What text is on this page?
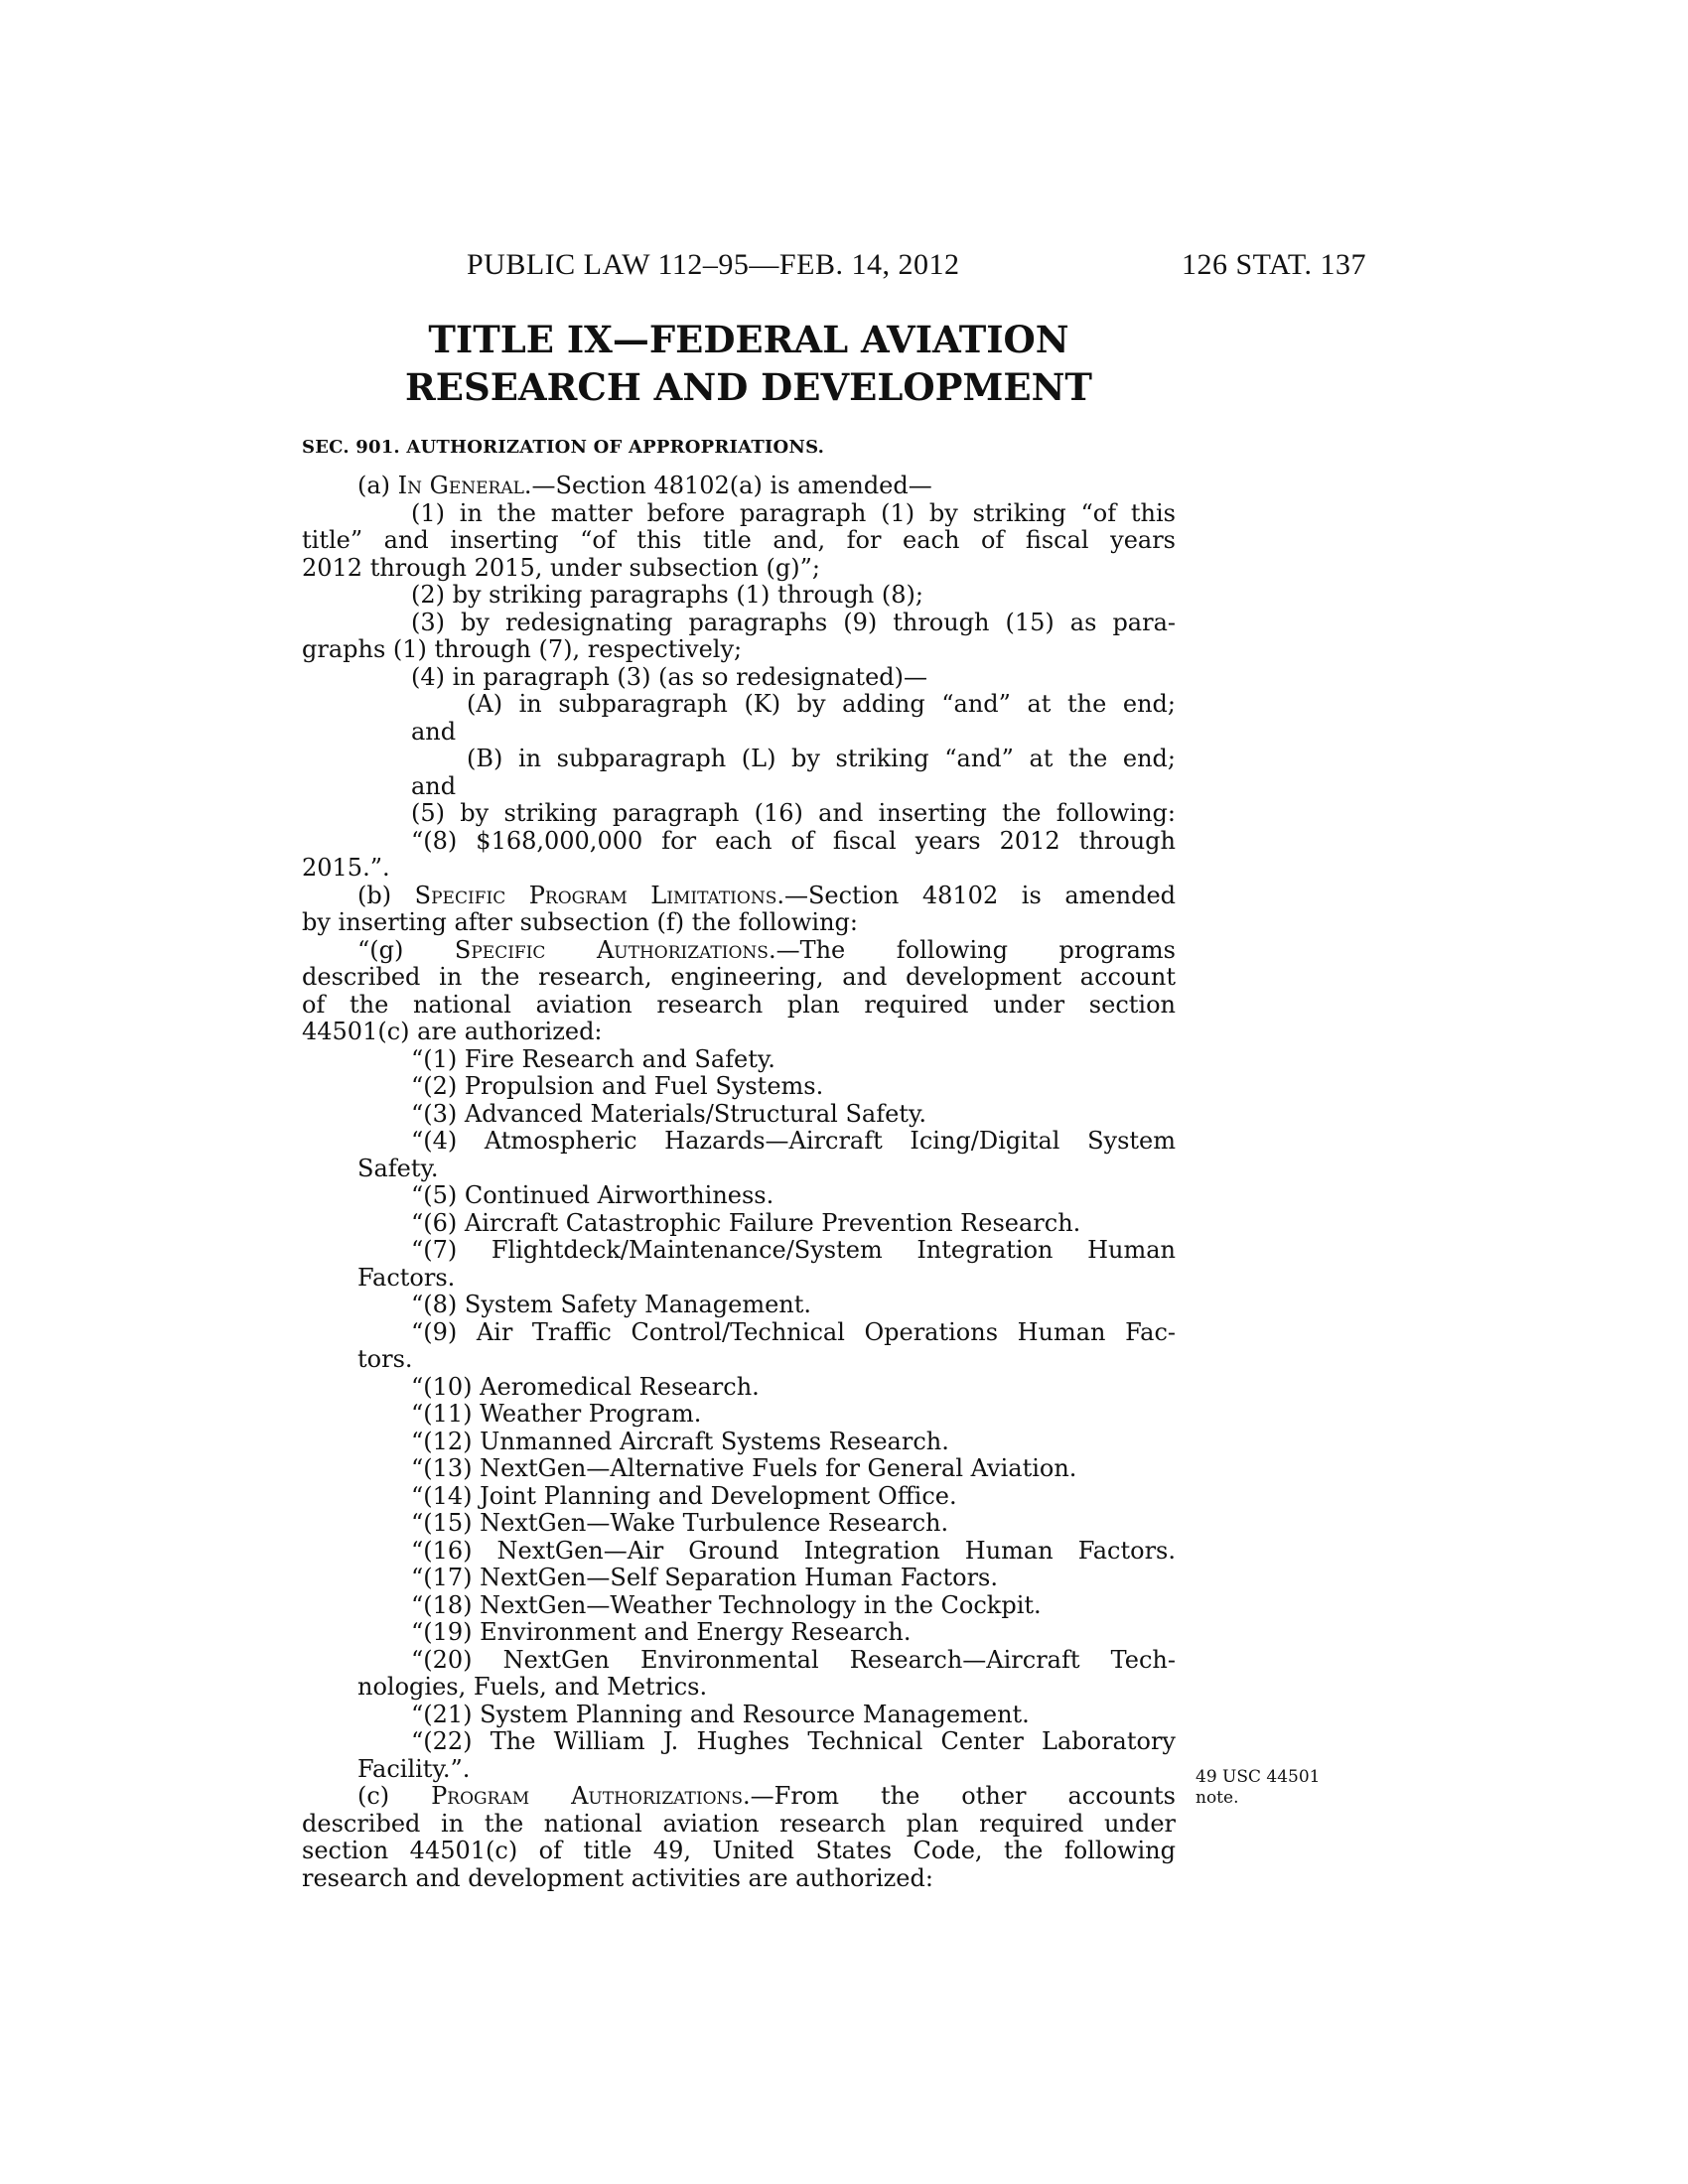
PUBLIC LAW 112–95—FEB. 14, 2012	126 STAT. 137
TITLE IX—FEDERAL AVIATION
RESEARCH AND DEVELOPMENT
SEC. 901. AUTHORIZATION OF APPROPRIATIONS.
(a) In General.—Section 48102(a) is amended—
(1) in the matter before paragraph (1) by striking “of this
title” and inserting “of this title and, for each of fiscal years
2012 through 2015, under subsection (g)”;
(2) by striking paragraphs (1) through (8);
(3) by redesignating paragraphs (9) through (15) as para-
graphs (1) through (7), respectively;
(4) in paragraph (3) (as so redesignated)—
(A) in subparagraph (K) by adding “and” at the end;
and
(B) in subparagraph (L) by striking “and” at the end;
and
(5) by striking paragraph (16) and inserting the following:
“(8) $168,000,000 for each of fiscal years 2012 through
2015.”.
(b) Specific Program Limitations.—Section 48102 is amended
by inserting after subsection (f) the following:
“(g) Specific Authorizations.—The following programs
described in the research, engineering, and development account
of the national aviation research plan required under section
44501(c) are authorized:
“(1) Fire Research and Safety.
“(2) Propulsion and Fuel Systems.
“(3) Advanced Materials/Structural Safety.
“(4) Atmospheric Hazards—Aircraft Icing/Digital System
Safety.
“(5) Continued Airworthiness.
“(6) Aircraft Catastrophic Failure Prevention Research.
“(7) Flightdeck/Maintenance/System Integration Human
Factors.
“(8) System Safety Management.
“(9) Air Traffic Control/Technical Operations Human Fac-
tors.
“(10) Aeromedical Research.
“(11) Weather Program.
“(12) Unmanned Aircraft Systems Research.
“(13) NextGen—Alternative Fuels for General Aviation.
“(14) Joint Planning and Development Office.
“(15) NextGen—Wake Turbulence Research.
“(16) NextGen—Air Ground Integration Human Factors.
“(17) NextGen—Self Separation Human Factors.
“(18) NextGen—Weather Technology in the Cockpit.
“(19) Environment and Energy Research.
“(20) NextGen Environmental Research—Aircraft Tech-
nologies, Fuels, and Metrics.
“(21) System Planning and Resource Management.
“(22) The William J. Hughes Technical Center Laboratory
Facility.”.
(c) Program Authorizations.—From the other accounts
described in the national aviation research plan required under
section 44501(c) of title 49, United States Code, the following
research and development activities are authorized:
49 USC 44501
note.
